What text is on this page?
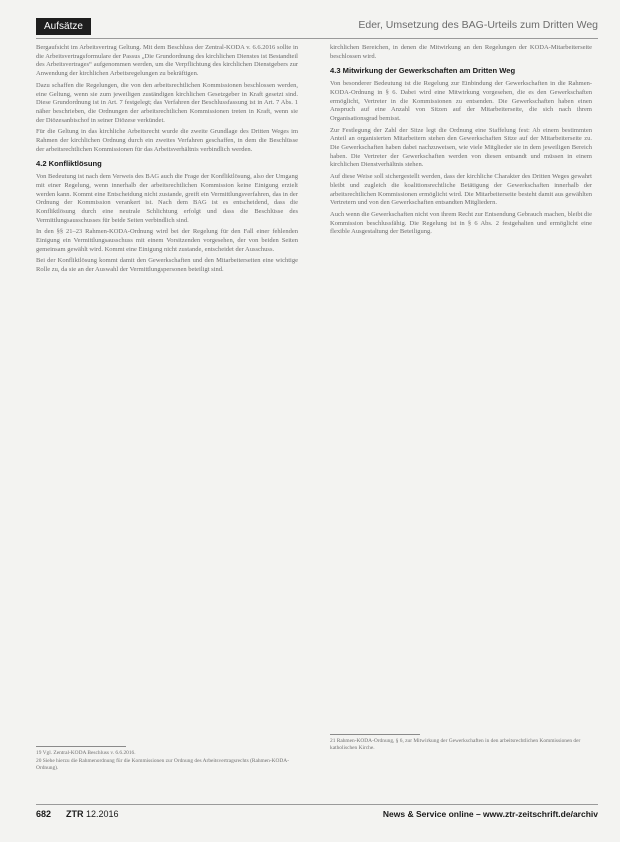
Aufsätze	Eder, Umsetzung des BAG-Urteils zum Dritten Weg

Bergaufsicht im Arbeitsvertrag Geltung. Mit dem Beschluss der Zentral-KODA v. 6.6.2016 sollte in die Arbeitsvertragsformulare der Passus „Die Grundordnung des kirchlichen Dienstes ist Bestandteil des Arbeitsvertrages“ aufgenommen werden, um die Verpflichtung des kirchlichen Dienstgebers zur Anwendung der kirchlichen Arbeitsregelungen zu bekräftigen.

Dazu schaffen die Regelungen, die von den arbeitsrechtlichen Kommissionen beschlossen werden, eine Geltung, wenn sie zum jeweiligen zuständigen kirchlichen Gesetzgeber in Kraft gesetzt sind. Diese Grundordnung ist in Art. 7 festgelegt; das Verfahren der Beschlussfassung ist in Art. 7 Abs. 1 näher beschrieben, die Ordnungen der arbeitsrechtlichen Kommissionen treten in Kraft, wenn sie der Diözesanbischof in seiner Diözese verkündet.

Für die Geltung in das kirchliche Arbeitsrecht wurde die zweite Grundlage des Dritten Weges im Rahmen der kirchlichen Ordnung durch ein zweites Verfahren geschaffen, in dem die Beschlüsse der arbeitsrechtlichen Kommissionen für das Arbeitsverhältnis verbindlich werden.

4.2 Konfliktlösung

Von Bedeutung ist nach dem Verweis des BAG auch die Frage der Konfliktlösung, also der Umgang mit einer Regelung, wenn innerhalb der arbeitsrechtlichen Kommission keine Einigung erzielt werden kann. Kommt eine Entscheidung nicht zustande, greift ein Vermittlungsverfahren, das in der Ordnung der Kommission verankert ist. Nach dem BAG ist es entscheidend, dass die Konfliktlösung durch eine neutrale Schlichtung erfolgt und dass die Beschlüsse des Vermittlungsausschusses für beide Seiten verbindlich sind.

In den §§ 21–23 Rahmen-KODA-Ordnung wird bei der Regelung für den Fall einer fehlenden Einigung ein Vermittlungsausschuss mit einem Vorsitzenden vorgesehen, der von beiden Seiten gemeinsam gewählt wird. Kommt eine Einigung nicht zustande, entscheidet der Ausschuss.

Bei der Konfliktlösung kommt damit den Gewerkschaften und den Mitarbeiterseiten eine wichtige Rolle zu, da sie an der Auswahl der Vermittlungspersonen beteiligt sind.

kirchlichen Bereichen, in denen die Mitwirkung an den Regelungen der KODA-Mitarbeiterseite beschlossen wird.

4.3 Mitwirkung der Gewerkschaften am Dritten Weg

Von besonderer Bedeutung ist die Regelung zur Einbindung der Gewerkschaften in die Rahmen-KODA-Ordnung in § 6. Dabei wird eine Mitwirkung vorgesehen, die es den Gewerkschaften ermöglicht, Vertreter in die Kommissionen zu entsenden. Die Gewerkschaften haben einen Anspruch auf eine Anzahl von Sitzen auf der Mitarbeiterseite, die sich nach ihrem Organisationsgrad bemisst.

Zur Festlegung der Zahl der Sitze legt die Ordnung eine Staffelung fest: Ab einem bestimmten Anteil an organisierten Mitarbeitern stehen den Gewerkschaften Sitze auf der Mitarbeiterseite zu. Die Gewerkschaften haben dabei nachzuweisen, wie viele Mitglieder sie in dem jeweiligen Bereich haben. Die Vertreter der Gewerkschaften werden von diesen entsandt und müssen in einem kirchlichen Dienstverhältnis stehen.

Auf diese Weise soll sichergestellt werden, dass der kirchliche Charakter des Dritten Weges gewahrt bleibt und zugleich die koalitionsrechtliche Betätigung der Gewerkschaften innerhalb der arbeitsrechtlichen Kommissionen ermöglicht wird. Die Mitarbeiterseite besteht damit aus gewählten Vertretern und von den Gewerkschaften entsandten Mitgliedern.

Auch wenn die Gewerkschaften nicht von ihrem Recht zur Entsendung Gebrauch machen, bleibt die Kommission beschlussfähig. Die Regelung ist in § 6 Abs. 2 festgehalten und ermöglicht eine flexible Ausgestaltung der Beteiligung.

19 Vgl. Zentral-KODA Beschluss v. 6.6.2016.
20 Siehe hierzu die Rahmenordnung für die Kommissionen zur Ordnung des Arbeitsvertragsrechts (Rahmen-KODA-Ordnung).
21 Rahmen-KODA-Ordnung, § 6, zur Mitwirkung der Gewerkschaften in den arbeitsrechtlichen Kommissionen der katholischen Kirche.
682 ZTR 12.2016	News & Service online – www.ztr-zeitschrift.de/archiv
